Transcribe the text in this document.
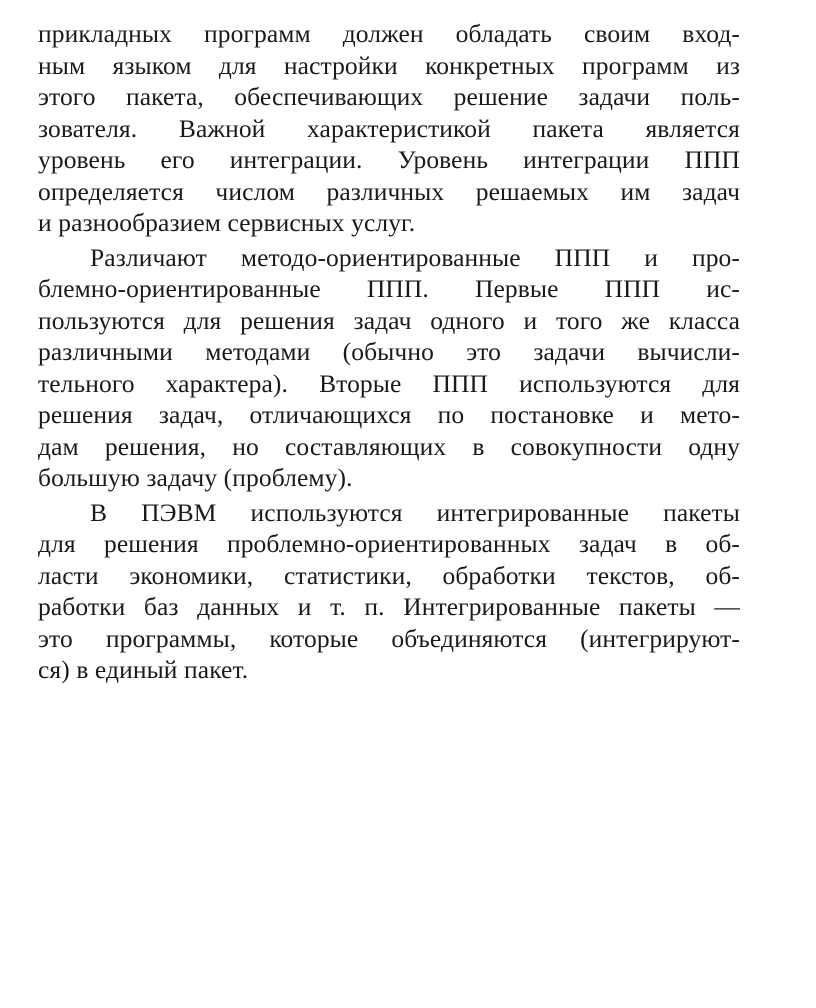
прикладных программ должен обладать своим вход-
ным языком для настройки конкретных программ из
этого пакета, обеспечивающих решение задачи поль-
зователя. Важной характеристикой пакета является
уровень его интеграции. Уровень интеграции ППП
определяется числом различных решаемых им задач
и разнообразием сервисных услуг.
Различают методо-ориентированные ППП и про-
блемно-ориентированные ППП. Первые ППП ис-
пользуются для решения задач одного и того же класса
различными методами (обычно это задачи вычисли-
тельного характера). Вторые ППП используются для
решения задач, отличающихся по постановке и мето-
дам решения, но составляющих в совокупности одну
большую задачу (проблему).
В ПЭВМ используются интегрированные пакеты
для решения проблемно-ориентированных задач в об-
ласти экономики, статистики, обработки текстов, об-
работки баз данных и т. п. Интегрированные пакеты —
это программы, которые объединяются (интегрируют-
ся) в единый пакет.
